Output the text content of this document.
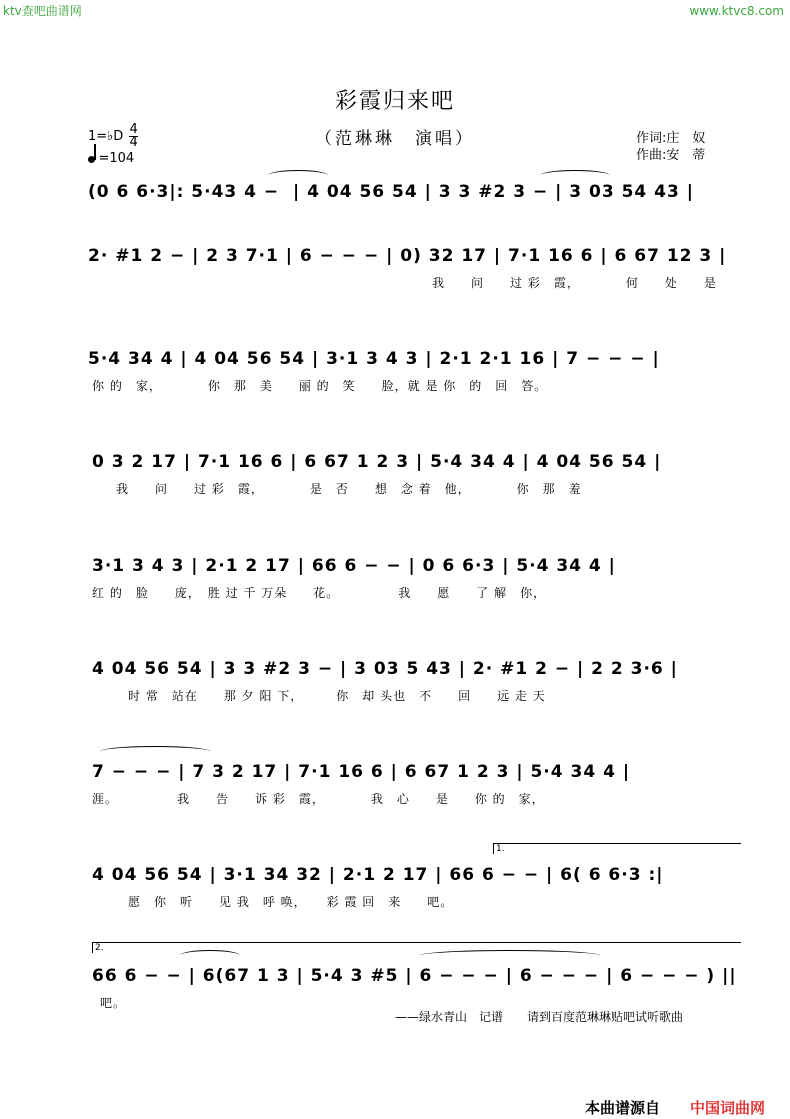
ktv查吧曲谱网	www.ktvc8.com
彩霞归来吧
（范琳琳　演唱）	作词:庄　奴
作曲:安　蒂
1=♭D $\frac{4}{4}$
=104
(0 6 6·3|: 5·43 4 −  | 4 04 56 54 | 3 3 #2 3 − | 3 03 54 43 |
2· #1 2 − | 2 3 7·1 | 6 − − − | 0) 32 17 | 7·1 16 6 | 6 67 12 3 |
我　　问　　过 彩　霞，　　　　何　　处　　是
5·4 34 4 | 4 04 56 54 | 3·1 3 4 3 | 2·1 2·1 16 | 7 − − − |
你 的　家，　　　　你　那　美　　丽 的　笑　　脸，就 是 你　的　回　答。
0 3 2 17 | 7·1 16 6 | 6 67 1 2 3 | 5·4 34 4 | 4 04 56 54 |
我　　问　　过 彩　霞，　　　　是　否　　想　念 着　他，　　　　你　那　羞
3·1 3 4 3 | 2·1 2 17 | 66 6 − − | 0 6 6·3 | 5·4 34 4 |
红 的　脸　　庞，　胜 过 千 万朵　　花。　　　　　我　　愿　　了 解　你，
4 04 56 54 | 3 3 #2 3 − | 3 03 5 43 | 2· #1 2 − | 2 2 3·6 |
时 常　站在　　那 夕 阳 下，　　　你　却 头也　不　　回　　远 走 天
7 − − − | 7 3 2 17 | 7·1 16 6 | 6 67 1 2 3 | 5·4 34 4 |
涯。　　　　　我　　告　　诉 彩　霞，　　　　我　心　　是　　你 的　家，
1.
4 04 56 54 | 3·1 34 32 | 2·1 2 17 | 66 6 − − | 6( 6 6·3 :|
愿　你　听　　见 我　呼 唤，　　彩 霞 回　来　　吧。
2.
66 6 − − | 6(67 1 3 | 5·4 3 #5 | 6 − − − | 6 − − − | 6 − − − ) ||
吧。
——绿水青山　记谱　　请到百度范琳琳贴吧试听歌曲
本曲谱源自 中国词曲网
